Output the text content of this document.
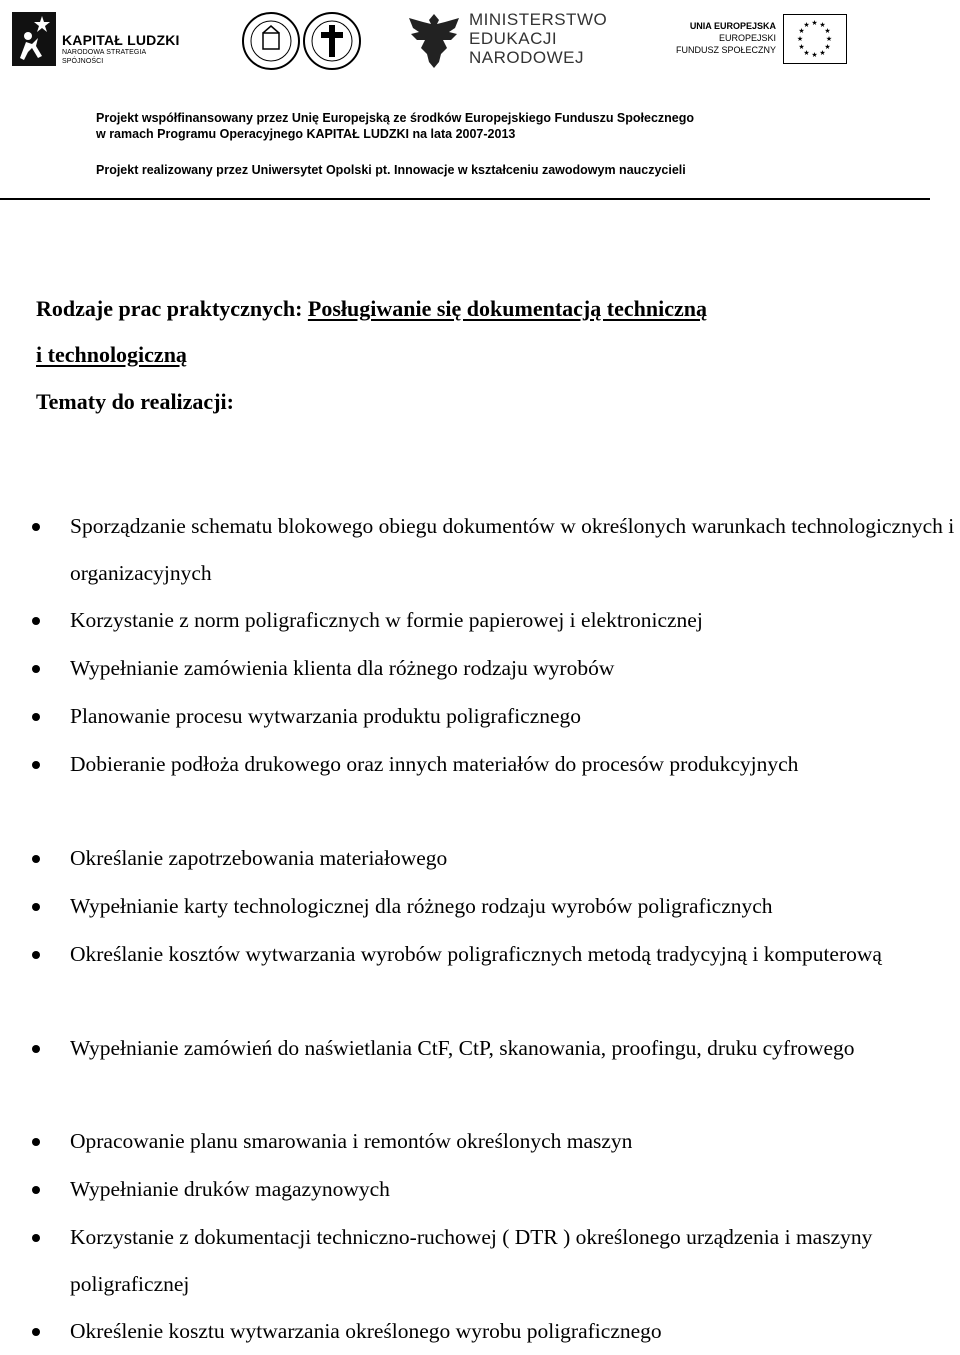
KAPITAŁ LUDZKI
NARODOWA STRATEGIA SPÓJNOŚCI
MINISTERSTWO
EDUKACJI
NARODOWEJ
UNIA EUROPEJSKA
EUROPEJSKI
FUNDUSZ SPOŁECZNY
★ ★
★
★
★
★
★
★
★
★
★
★

Projekt współfinansowany przez Unię Europejską ze środków Europejskiego Funduszu Społecznego

w ramach Programu Operacyjnego KAPITAŁ LUDZKI na lata 2007-2013

Projekt realizowany przez Uniwersytet Opolski pt. Innowacje w kształceniu zawodowym nauczycieli

Rodzaje prac praktycznych: Posługiwanie się dokumentacją techniczną
i technologiczną
Tematy do realizacji:

Sporządzanie schematu blokowego obiegu dokumentów w określonych warunkach technologicznych i organizacyjnych

Korzystanie z norm poligraficznych w formie papierowej i elektronicznej

Wypełnianie zamówienia klienta dla różnego rodzaju wyrobów

Planowanie procesu wytwarzania produktu poligraficznego

Dobieranie podłoża drukowego oraz innych materiałów do procesów produkcyjnych

Określanie zapotrzebowania materiałowego

Wypełnianie karty technologicznej dla różnego rodzaju wyrobów poligraficznych

Określanie kosztów wytwarzania wyrobów poligraficznych metodą tradycyjną i komputerową

Wypełnianie zamówień do naświetlania CtF, CtP, skanowania, proofingu, druku cyfrowego

Opracowanie planu smarowania i remontów określonych maszyn

Wypełnianie druków magazynowych

Korzystanie z dokumentacji techniczno-ruchowej ( DTR ) określonego urządzenia i maszyny poligraficznej

Określenie kosztu wytwarzania określonego wyrobu poligraficznego
